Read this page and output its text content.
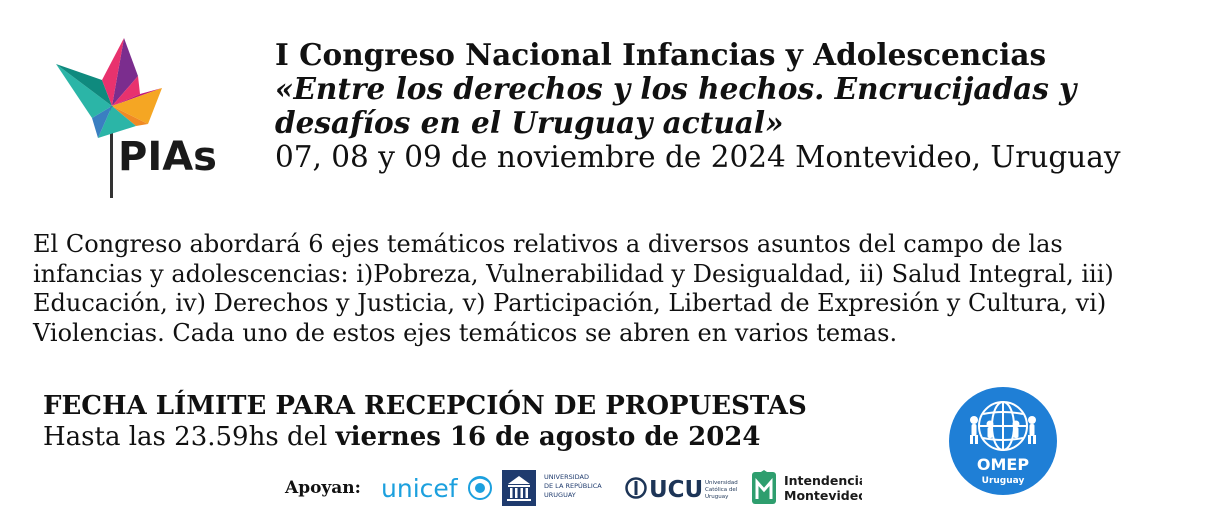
PIAs
I Congreso Nacional Infancias y Adolescencias
«Entre los derechos y los hechos. Encrucijadas y
desafíos en el Uruguay actual»
07, 08 y 09 de noviembre de 2024 Montevideo, Uruguay
El Congreso abordará 6 ejes temáticos relativos a diversos asuntos del campo de las
infancias y adolescencias: i)Pobreza, Vulnerabilidad y Desigualdad, ii) Salud Integral, iii)
Educación, iv) Derechos y Justicia, v) Participación, Libertad de Expresión y Cultura, vi)
Violencias. Cada uno de estos ejes temáticos se abren en varios temas.
FECHA LÍMITE PARA RECEPCIÓN DE PROPUESTAS
Hasta las 23.59hs del viernes 16 de agosto de 2024
Apoyan: unicef	UNIVERSIDAD
DE LA REPÚBLICA
URUGUAY	UCU Universidad
Católica del
Uruguay
Intendencia
Montevideo
OMEP
Uruguay
